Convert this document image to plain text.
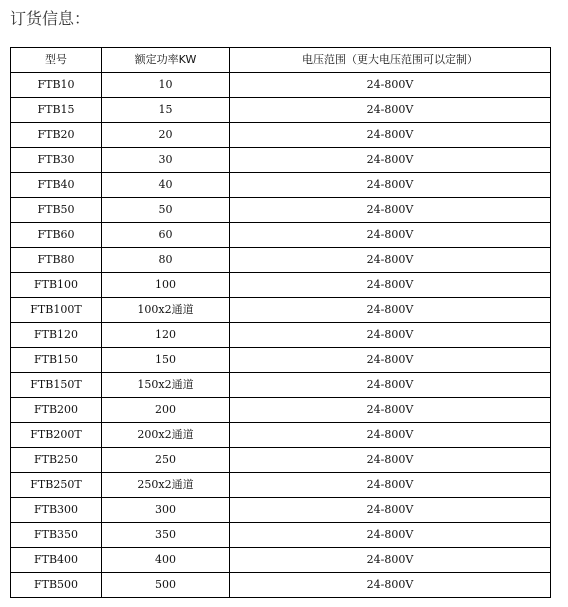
订货信息：
型号	额定功率KW	电压范围（更大电压范围可以定制）
FTB10	10	24-800V
FTB15	15	24-800V
FTB20	20	24-800V
FTB30	30	24-800V
FTB40	40	24-800V
FTB50	50	24-800V
FTB60	60	24-800V
FTB80	80	24-800V
FTB100	100	24-800V
FTB100T	100x2通道	24-800V
FTB120	120	24-800V
FTB150	150	24-800V
FTB150T	150x2通道	24-800V
FTB200	200	24-800V
FTB200T	200x2通道	24-800V
FTB250	250	24-800V
FTB250T	250x2通道	24-800V
FTB300	300	24-800V
FTB350	350	24-800V
FTB400	400	24-800V
FTB500	500	24-800V
